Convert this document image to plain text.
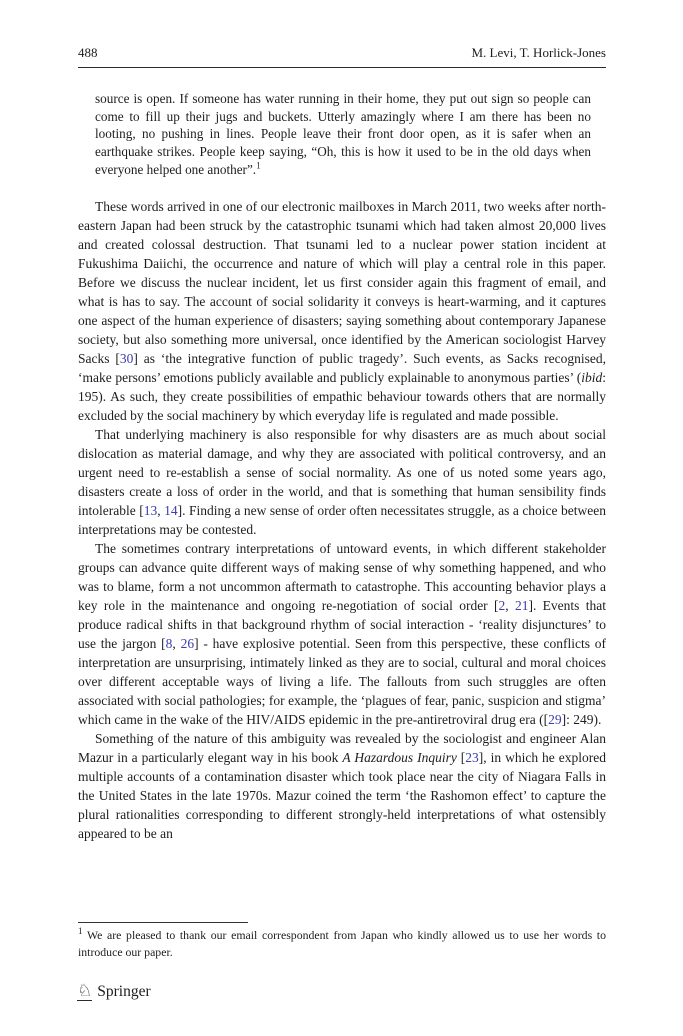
488	M. Levi, T. Horlick-Jones
source is open. If someone has water running in their home, they put out sign so people can come to fill up their jugs and buckets. Utterly amazingly where I am there has been no looting, no pushing in lines. People leave their front door open, as it is safer when an earthquake strikes. People keep saying, “Oh, this is how it used to be in the old days when everyone helped one another”.$^1$

These words arrived in one of our electronic mailboxes in March 2011, two weeks after north-eastern Japan had been struck by the catastrophic tsunami which had taken almost 20,000 lives and created colossal destruction. That tsunami led to a nuclear power station incident at Fukushima Daiichi, the occurrence and nature of which will play a central role in this paper. Before we discuss the nuclear incident, let us first consider again this fragment of email, and what is has to say. The account of social solidarity it conveys is heart-warming, and it captures one aspect of the human experience of disasters; saying something about contemporary Japanese society, but also something more universal, once identified by the American sociologist Harvey Sacks [30] as ‘the integrative function of public tragedy’. Such events, as Sacks recognised, ‘make persons’ emotions publicly available and publicly explainable to anonymous parties’ (ibid: 195). As such, they create possibilities of empathic behaviour towards others that are normally excluded by the social machinery by which everyday life is regulated and made possible.

That underlying machinery is also responsible for why disasters are as much about social dislocation as material damage, and why they are associated with political controversy, and an urgent need to re-establish a sense of social normality. As one of us noted some years ago, disasters create a loss of order in the world, and that is something that human sensibility finds intolerable [13, 14]. Finding a new sense of order often necessitates struggle, as a choice between interpretations may be contested.

The sometimes contrary interpretations of untoward events, in which different stakeholder groups can advance quite different ways of making sense of why something happened, and who was to blame, form a not uncommon aftermath to catastrophe. This accounting behavior plays a key role in the maintenance and ongoing re-negotiation of social order [2, 21]. Events that produce radical shifts in that background rhythm of social interaction - ‘reality disjunctures’ to use the jargon [8, 26] - have explosive potential. Seen from this perspective, these conflicts of interpretation are unsurprising, intimately linked as they are to social, cultural and moral choices over different acceptable ways of living a life. The fallouts from such struggles are often associated with social pathologies; for example, the ‘plagues of fear, panic, suspicion and stigma’ which came in the wake of the HIV/AIDS epidemic in the pre-antiretroviral drug era ([29]: 249).

Something of the nature of this ambiguity was revealed by the sociologist and engineer Alan Mazur in a particularly elegant way in his book A Hazardous Inquiry [23], in which he explored multiple accounts of a contamination disaster which took place near the city of Niagara Falls in the United States in the late 1970s. Mazur coined the term ‘the Rashomon effect’ to capture the plural rationalities corresponding to different strongly-held interpretations of what ostensibly appeared to be an

$^1$ We are pleased to thank our email correspondent from Japan who kindly allowed us to use her words to introduce our paper.
♘ Springer
